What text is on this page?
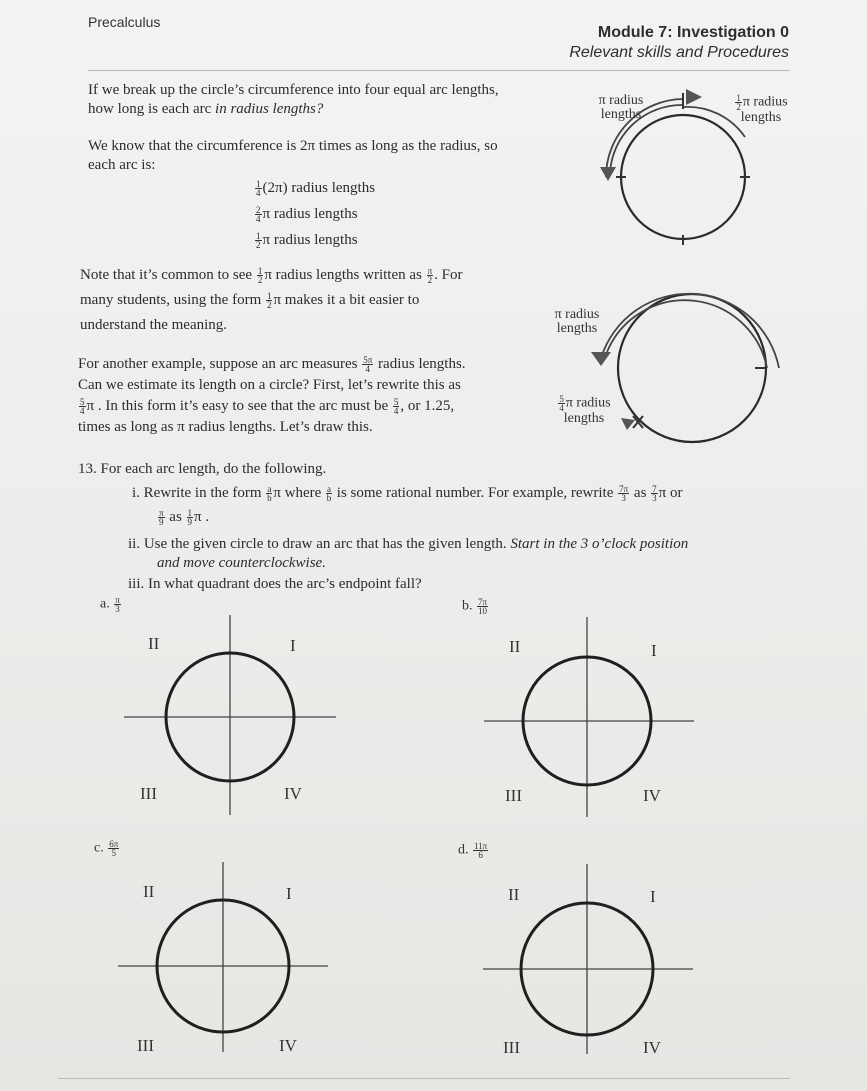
Precalculus
Module 7: Investigation 0
Relevant skills and Procedures
If we break up the circle’s circumference into four equal arc lengths,
how long is each arc in radius lengths?
We know that the circumference is 2π times as long as the radius, so
each arc is:
$\frac{1}{4} (2\pi)$ radius lengths
$\frac{2}{4}$ π radius lengths
$\frac{1}{2}$ π radius lengths
Note that it’s common to see $\frac{1}{2}$ π radius lengths written as $\frac{\pi}{2}$ . For
many students, using the form $\frac{1}{2}$ π makes it a bit easier to
understand the meaning.
For another example, suppose an arc measures $\frac{5\pi}{4}$ radius lengths.
Can we estimate its length on a circle? First, let’s rewrite this as
$\frac{5}{4}$ π . In this form it’s easy to see that the arc must be $\frac{5}{4}$ , or 1.25,
times as long as π radius lengths. Let’s draw this.
π radius
lengths
$\frac{1}{2}$ π radius
lengths
π radius
lengths
$\frac{5}{4}$ π radius
lengths
13. For each arc length, do the following.
i. Rewrite in the form $\frac{a}{b}$ π where $\frac{a}{b}$ is some rational number. For example, rewrite $\frac{7\pi}{3}$ as $\frac{7}{3}$ π or
$\frac{\pi}{9}$ as $\frac{1}{9}$ π .
ii. Use the given circle to draw an arc that has the given length. Start in the 3 o’clock position
and move counterclockwise.
iii. In what quadrant does the arc’s endpoint fall?
a. $\frac{\pi}{3}$	b. $\frac{7\pi}{10}$
c. $\frac{6\pi}{5}$	d. $\frac{11\pi}{6}$
II	I
III	IV
II	I
III	IV
II	I
III	IV
II	I
III	IV
